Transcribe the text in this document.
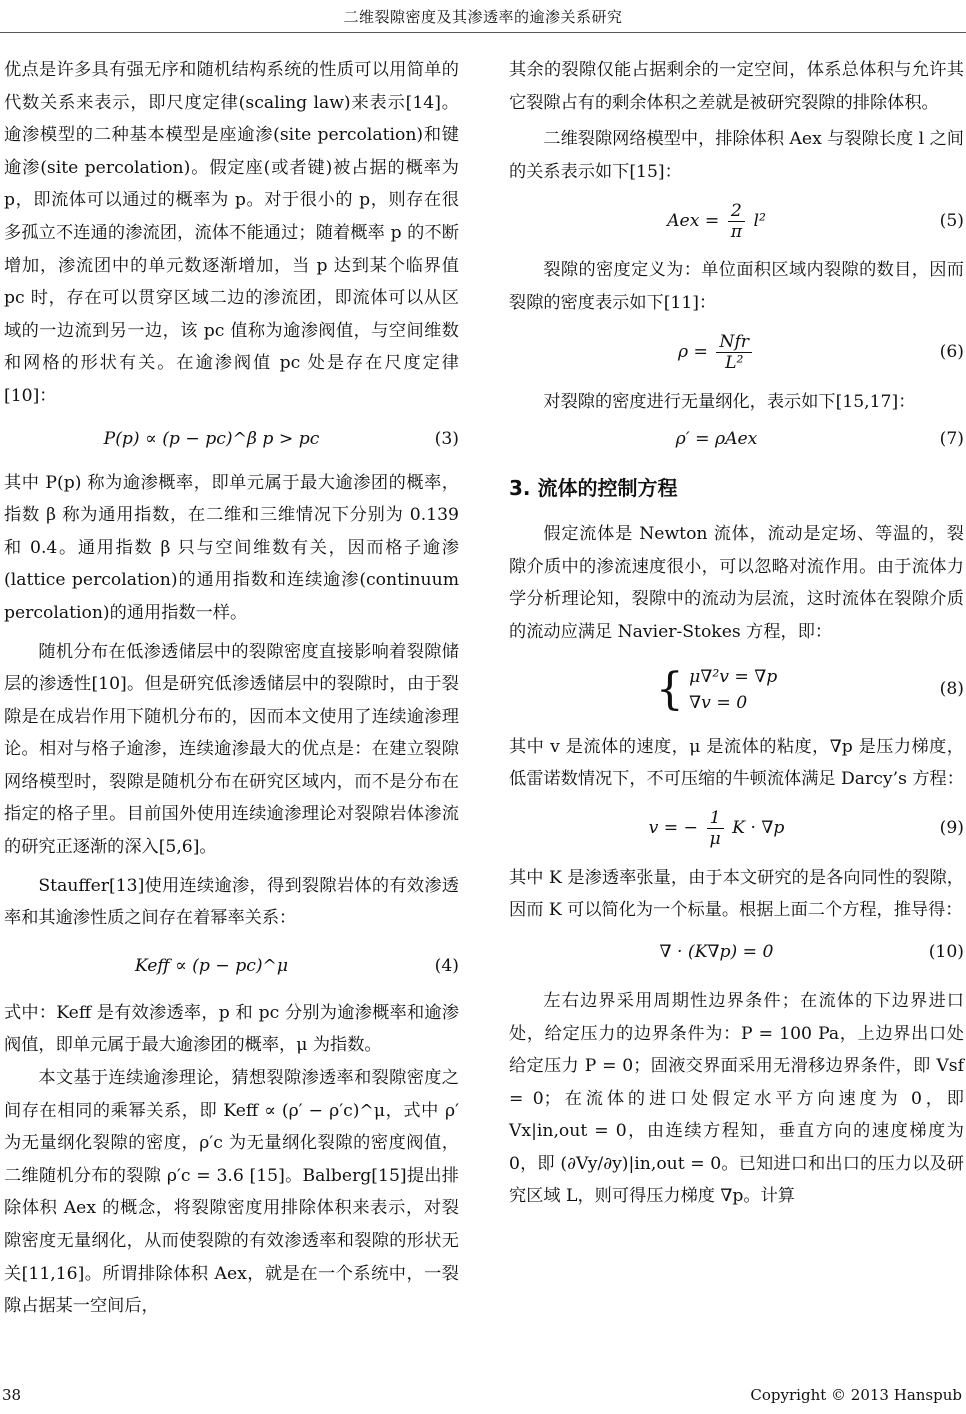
二维裂隙密度及其渗透率的逾渗关系研究

优点是许多具有强无序和随机结构系统的性质可以用简单的代数关系来表示，即尺度定律(scaling law)来表示[14]。逾渗模型的二种基本模型是座逾渗(site percolation)和键逾渗(site percolation)。假定座(或者键)被占据的概率为 p，即流体可以通过的概率为 p。对于很小的 p，则存在很多孤立不连通的渗流团，流体不能通过；随着概率 p 的不断增加，渗流团中的单元数逐渐增加，当 p 达到某个临界值 pc 时，存在可以贯穿区域二边的渗流团，即流体可以从区域的一边流到另一边，该 pc 值称为逾渗阀值，与空间维数和网格的形状有关。在逾渗阀值 pc 处是存在尺度定律[10]：

P(p) ∝ (p − pc)^β p > pc	(3)

其中 P(p) 称为逾渗概率，即单元属于最大逾渗团的概率，指数 β 称为通用指数，在二维和三维情况下分别为 0.139 和 0.4。通用指数 β 只与空间维数有关，因而格子逾渗(lattice percolation)的通用指数和连续逾渗(continuum percolation)的通用指数一样。

随机分布在低渗透储层中的裂隙密度直接影响着裂隙储层的渗透性[10]。但是研究低渗透储层中的裂隙时，由于裂隙是在成岩作用下随机分布的，因而本文使用了连续逾渗理论。相对与格子逾渗，连续逾渗最大的优点是：在建立裂隙网络模型时，裂隙是随机分布在研究区域内，而不是分布在指定的格子里。目前国外使用连续逾渗理论对裂隙岩体渗流的研究正逐渐的深入[5,6]。

Stauffer[13]使用连续逾渗，得到裂隙岩体的有效渗透率和其逾渗性质之间存在着幂率关系：

Keff ∝ (p − pc)^μ	(4)

式中：Keff 是有效渗透率，p 和 pc 分别为逾渗概率和逾渗阀值，即单元属于最大逾渗团的概率，μ 为指数。

本文基于连续逾渗理论，猜想裂隙渗透率和裂隙密度之间存在相同的乘幂关系，即 Keff ∝ (ρ′ − ρ′c)^μ，式中 ρ′ 为无量纲化裂隙的密度，ρ′c 为无量纲化裂隙的密度阀值，二维随机分布的裂隙 ρ′c = 3.6 [15]。Balberg[15]提出排除体积 Aex 的概念，将裂隙密度用排除体积来表示，对裂隙密度无量纲化，从而使裂隙的有效渗透率和裂隙的形状无关[11,16]。所谓排除体积 Aex，就是在一个系统中，一裂隙占据某一空间后，

其余的裂隙仅能占据剩余的一定空间，体系总体积与允许其它裂隙占有的剩余体积之差就是被研究裂隙的排除体积。

二维裂隙网络模型中，排除体积 Aex 与裂隙长度 l 之间的关系表示如下[15]：

Aex = $\frac{2}{\pi} l^2$	(5)

裂隙的密度定义为：单位面积区域内裂隙的数目，因而裂隙的密度表示如下[11]：

$\rho = \frac{\text{Nfr}}{\text{L²}}$	(6)

对裂隙的密度进行无量纲化，表示如下[15,17]：

ρ′ = ρAex	(7)
3. 流体的控制方程

假定流体是 Newton 流体，流动是定场、等温的，裂隙介质中的渗流速度很小，可以忽略对流作用。由于流体力学分析理论知，裂隙中的流动为层流，这时流体在裂隙介质的流动应满足 Navier-Stokes 方程，即：

{ μ∇²v = ∇p
∇v = 0
(8)

其中 v 是流体的速度，μ 是流体的粘度，∇p 是压力梯度，低雷诺数情况下，不可压缩的牛顿流体满足 Darcy’s 方程：

v = − $\frac{1}{\mu}$ K · ∇p	(9)

其中 K 是渗透率张量，由于本文研究的是各向同性的裂隙，因而 K 可以简化为一个标量。根据上面二个方程，推导得：

∇ · (K∇p) = 0	(10)

左右边界采用周期性边界条件；在流体的下边界进口处，给定压力的边界条件为：P = 100 Pa，上边界出口处给定压力 P = 0；固液交界面采用无滑移边界条件，即 Vsf = 0；在流体的进口处假定水平方向速度为 0，即 Vx|in,out = 0，由连续方程知，垂直方向的速度梯度为 0，即 (∂Vy/∂y)|in,out = 0。已知进口和出口的压力以及研究区域 L，则可得压力梯度 ∇p。计算

38	Copyright © 2013 Hanspub
